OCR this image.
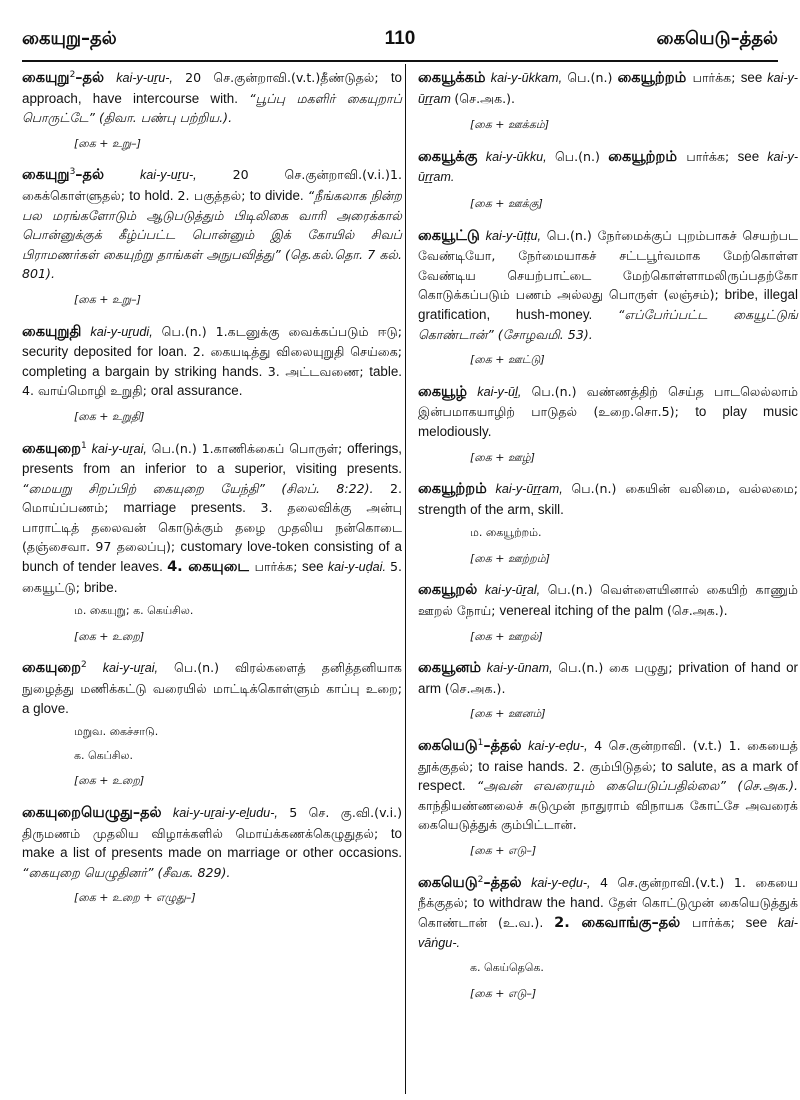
கையுறு–தல்	110	கையெடு–த்தல்

கையுறு$^2$–தல் kai-y-uṟu-, 20 செ.குன்றாவி.(v.t.)தீண்டுதல்; to approach, have intercourse with. “பூப்பு மகளிர் கையுறாப் பொருட்டே” (திவா. பண்பு பற்றிய.).

[கை + உறு–]

கையுறு$^3$–தல்	kai-y-uṟu-, 20 செ.குன்றாவி.(v.i.)1. கைக்கொள்ளுதல்; to hold. 2. பகுத்தல்; to divide. “நீங்கலாக நின்ற பல மரங்களோடும் ஆடுபடுத்தும் பிடிலிகை வாரி அரைக்கால் பொன்னுக்குக் கீழ்ப்பட்ட பொன்னும் இக் கோயில் சிவப் பிராமணர்கள் கையுற்று தாங்கள் அநுபவித்து” (தெ.கல்.தொ. 7 கல். 801).

[கை + உறு–]

கையுறுதி kai-y-uṟudi, பெ.(n.) 1.கடனுக்கு வைக்கப்படும் ஈடு; security deposited for loan. 2. கையடித்து விலையுறுதி செய்கை; completing a bargain by striking hands. 3. அட்டவணை; table. 4. வாய்மொழி உறுதி; oral assurance.

[கை + உறுதி]

கையுறை$^1$ kai-y-uṟai, பெ.(n.) 1.காணிக்கைப் பொருள்; offerings, presents from an inferior to a superior, visiting presents. “மையறு சிறப்பிற் கையுறை யேந்தி” (சிலப். 8:22). 2. மொய்ப்பணம்; marriage presents. 3. தலைவிக்கு அன்பு பாராட்டித் தலைவன் கொடுக்கும் தழை முதலிய நன்கொடை (தஞ்சைவா. 97 தலைப்பு); customary love-token consisting of a bunch of tender leaves. 4. கையுடை பார்க்க; see kai-y-uḍai. 5. கையூட்டு; bribe.

ம. கையுறு; க. கெய்சில.
[கை + உறை]

கையுறை$^2$ kai-y-uṟai, பெ.(n.) விரல்களைத் தனித்தனியாக நுழைத்து மணிக்கட்டு வரையில் மாட்டிக்கொள்ளும் காப்பு உறை; a glove.

மறுவ. கைச்சாடு.
க. கெப்சில.
[கை + உறை]

கையுறையெழுது–தல் kai-y-uṟai-y-eḻudu-, 5 செ. கு.வி.(v.i.) திருமணம் முதலிய விழாக்களில் மொய்க்கணக்கெழுதுதல்; to make a list of presents made on marriage or other occasions. “கையுறை யெழுதினர்” (சீவக. 829).

[கை + உறை + எழுது–]

கையூக்கம் kai-y-ūkkam, பெ.(n.) கையூற்றம் பார்க்க; see kai-y-ūṟṟam (செ.அக.).

[கை + ஊக்கம்]

கையூக்கு kai-y-ūkku, பெ.(n.) கையூற்றம் பார்க்க; see kai-y-ūṟṟam.

[கை + ஊக்கு]

கையூட்டு kai-y-ūṭṭu, பெ.(n.) நேர்மைக்குப் புறம்பாகச் செயற்பட வேண்டியோ, நேர்மையாகச் சட்டபூர்வமாக மேற்கொள்ள வேண்டிய செயற்பாட்டை மேற்கொள்ளாமலிருப்பதற்கோ கொடுக்கப்படும் பணம் அல்லது பொருள் (லஞ்சம்); bribe, illegal gratification, hush-money. “எப்பேர்ப்பட்ட கையூட்டுங் கொண்டான்” (சோழவமி. 53).

[கை + ஊட்டு]

கையூழ் kai-y-ūḻ, பெ.(n.) வண்ணத்திற் செய்த பாடலெல்லாம் இன்பமாகயாழிற் பாடுதல் (உறை.சொ.5); to play music melodiously.

[கை + ஊழ்]

கையூற்றம் kai-y-ūṟṟam, பெ.(n.) கையின் வலிமை, வல்லமை; strength of the arm, skill.

ம. கையூற்றம்.
[கை + ஊற்றம்]

கையூறல் kai-y-ūṟal, பெ.(n.) வெள்ளையினால் கையிற் காணும் ஊறல் நோய்; venereal itching of the palm (செ.அக.).

[கை + ஊறல்]

கையூனம் kai-y-ūnam, பெ.(n.) கை பழுது; privation of hand or arm (செ.அக.).

[கை + ஊனம்]

கையெடு$^1$–த்தல் kai-y-eḍu-, 4 செ.குன்றாவி. (v.t.) 1. கையைத் தூக்குதல்; to raise hands. 2. கும்பிடுதல்; to salute, as a mark of respect. “அவன் எவரையும் கையெடுப்பதில்லை” (செ.அக.). காந்தியண்ணலைச் சுடுமுன் நாதுராம் விநாயக கோட்சே அவரைக் கையெடுத்துக் கும்பிட்டான்.

[கை + எடு–]

கையெடு$^2$–த்தல் kai-y-eḍu-, 4 செ.குன்றாவி.(v.t.) 1. கையை நீக்குதல்; to withdraw the hand. தேள் கொட்டுமுன் கையெடுத்துக் கொண்டான் (உ.வ.). 2. கைவாங்கு–தல் பார்க்க; see kai-vāṅgu-.

க. கெய்தெகெ.
[கை + எடு–]
